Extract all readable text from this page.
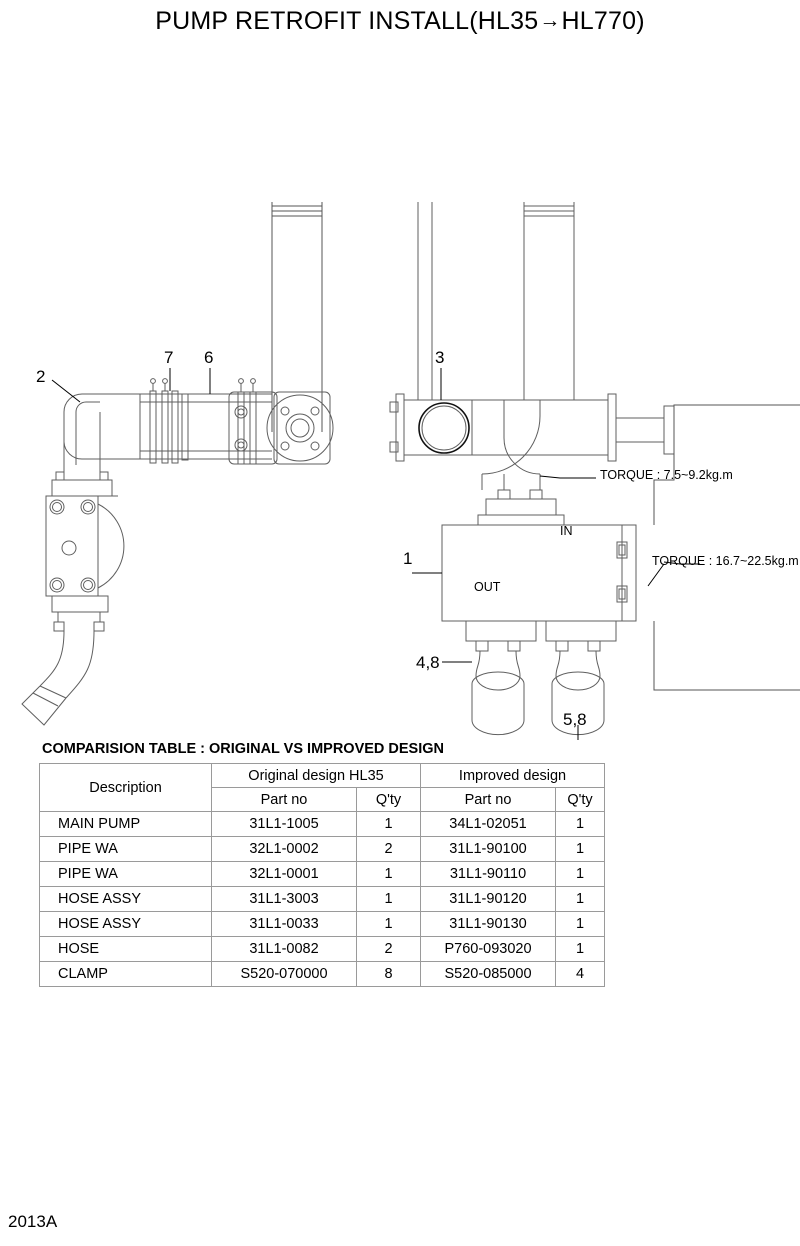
PUMP RETROFIT INSTALL(HL35→HL770)
2
7 6	3
1
4,8
5,8
TORQUE : 7.5~9.2kg.m
TORQUE : 16.7~22.5kg.m
IN
OUT
COMPARISION TABLE : ORIGINAL VS IMPROVED DESIGN
Description	Original design HL35		Improved design	
	Part no	Q'ty	Part no	Q'ty
MAIN PUMP	31L1-1005	1	34L1-02051	1
PIPE WA	32L1-0002	2	31L1-90100	1
PIPE WA	32L1-0001	1	31L1-90110	1
HOSE ASSY	31L1-3003	1	31L1-90120	1
HOSE ASSY	31L1-0033	1	31L1-90130	1
HOSE	31L1-0082	2	P760-093020	1
CLAMP	S520-070000	8	S520-085000	4
2013A
